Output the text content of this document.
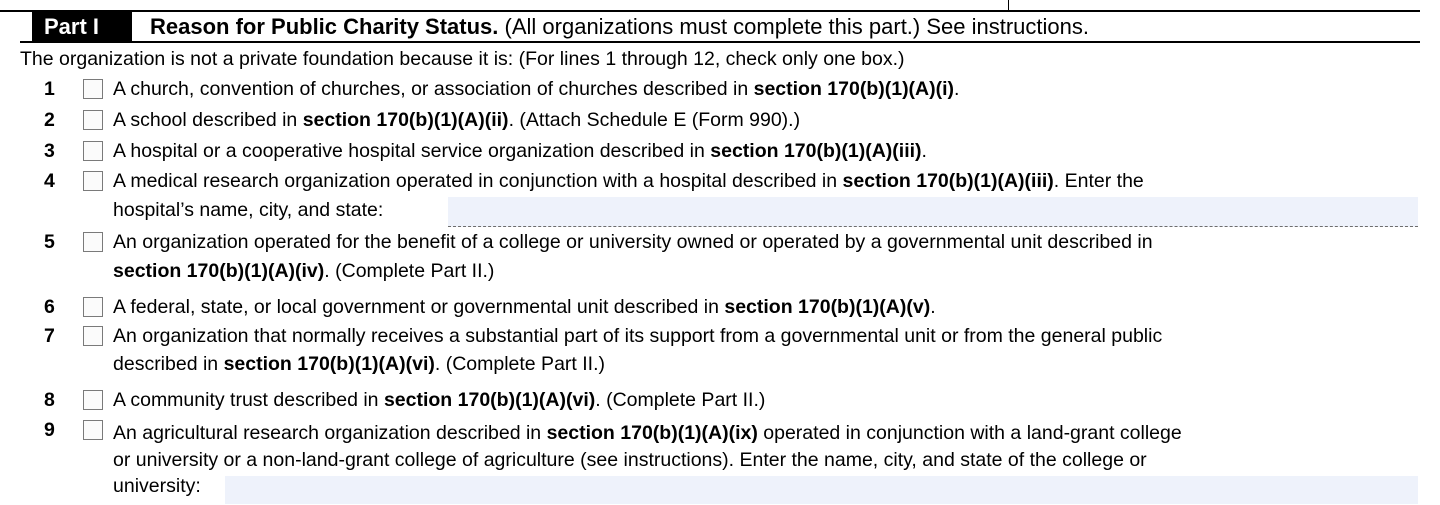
Part I	Reason for Public Charity Status. (All organizations must complete this part.) See instructions.
The organization is not a private foundation because it is: (For lines 1 through 12, check only one box.)
1	A church, convention of churches, or association of churches described in section 170(b)(1)(A)(i).
2	A school described in section 170(b)(1)(A)(ii). (Attach Schedule E (Form 990).)
3	A hospital or a cooperative hospital service organization described in section 170(b)(1)(A)(iii).
4	A medical research organization operated in conjunction with a hospital described in section 170(b)(1)(A)(iii). Enter the
hospital’s name, city, and state:
5	An organization operated for the benefit of a college or university owned or operated by a governmental unit described in
section 170(b)(1)(A)(iv). (Complete Part II.)
6	A federal, state, or local government or governmental unit described in section 170(b)(1)(A)(v).
7	An organization that normally receives a substantial part of its support from a governmental unit or from the general public
described in section 170(b)(1)(A)(vi). (Complete Part II.)
8	A community trust described in section 170(b)(1)(A)(vi). (Complete Part II.)
9	An agricultural research organization described in section 170(b)(1)(A)(ix) operated in conjunction with a land-grant college
or university or a non-land-grant college of agriculture (see instructions). Enter the name, city, and state of the college or
university:
